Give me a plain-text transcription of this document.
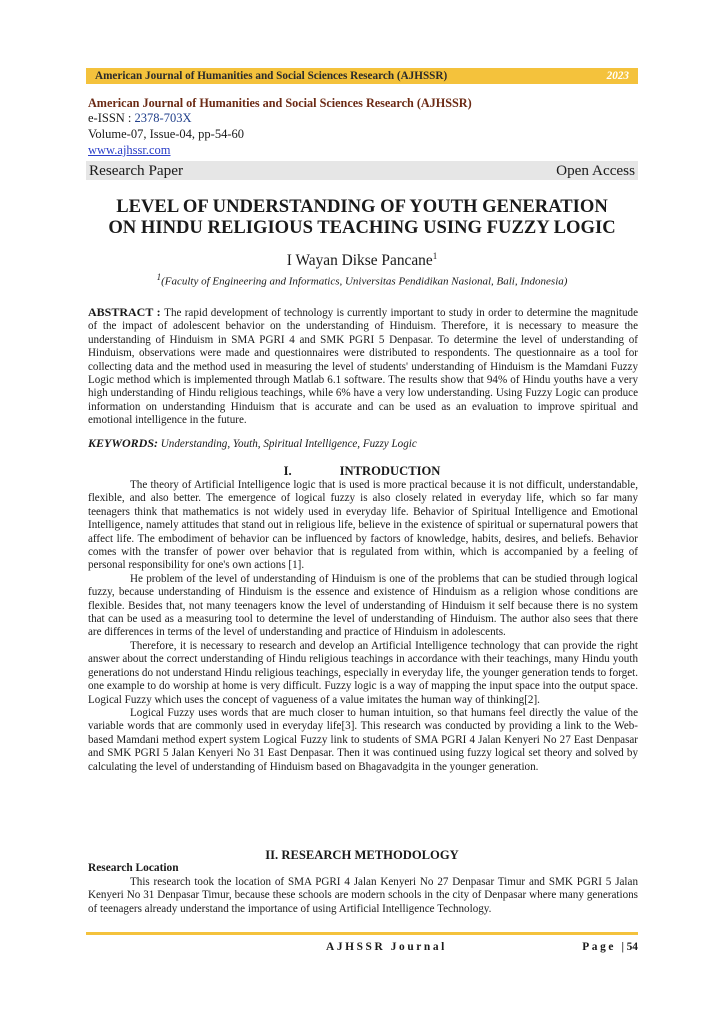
American Journal of Humanities and Social Sciences Research (AJHSSR)	2023
American Journal of Humanities and Social Sciences Research (AJHSSR)
e-ISSN : 2378-703X
Volume-07, Issue-04, pp-54-60
www.ajhssr.com
Research Paper	Open Access
LEVEL OF UNDERSTANDING OF YOUTH GENERATION
ON HINDU RELIGIOUS TEACHING USING FUZZY LOGIC
I Wayan Dikse Pancane$^1$
$^1$(Faculty of Engineering and Informatics, Universitas Pendidikan Nasional, Bali, Indonesia)

ABSTRACT : The rapid development of technology is currently important to study in order to determine the magnitude of the impact of adolescent behavior on the understanding of Hinduism. Therefore, it is necessary to measure the understanding of Hinduism in SMA PGRI 4 and SMK PGRI 5 Denpasar. To determine the level of understanding of Hinduism, observations were made and questionnaires were distributed to respondents. The questionnaire as a tool for collecting data and the method used in measuring the level of students' understanding of Hinduism is the Mamdani Fuzzy Logic method which is implemented through Matlab 6.1 software. The results show that 94% of Hindu youths have a very high understanding of Hindu religious teachings, while 6% have a very low understanding. Using Fuzzy Logic can produce information on understanding Hinduism that is accurate and can be used as an evaluation to improve spiritual and emotional intelligence in the future.

KEYWORDS: Understanding, Youth, Spiritual Intelligence, Fuzzy Logic

I.	INTRODUCTION

The theory of Artificial Intelligence logic that is used is more practical because it is not difficult, understandable, flexible, and also better. The emergence of logical fuzzy is also closely related in everyday life, which so far many teenagers think that mathematics is not widely used in everyday life. Behavior of Spiritual Intelligence and Emotional Intelligence, namely attitudes that stand out in religious life, believe in the existence of spiritual or supernatural powers that affect life. The embodiment of behavior can be influenced by factors of knowledge, habits, desires, and beliefs. Behavior comes with the transfer of power over behavior that is regulated from within, which is accompanied by a feeling of personal responsibility for one's own actions [1].

He problem of the level of understanding of Hinduism is one of the problems that can be studied through logical fuzzy, because understanding of Hinduism is the essence and existence of Hinduism as a religion whose conditions are flexible. Besides that, not many teenagers know the level of understanding of Hinduism it self because there is no system that can be used as a measuring tool to determine the level of understanding of Hinduism. The author also sees that there are differences in terms of the level of understanding and practice of Hinduism in adolescents.

Therefore, it is necessary to research and develop an Artificial Intelligence technology that can provide the right answer about the correct understanding of Hindu religious teachings in accordance with their teachings, many Hindu youth generations do not understand Hindu religious teachings, especially in everyday life, the younger generation tends to forget. one example to do worship at home is very difficult. Fuzzy logic is a way of mapping the input space into the output space. Logical Fuzzy which uses the concept of vagueness of a value imitates the human way of thinking[2].

Logical Fuzzy uses words that are much closer to human intuition, so that humans feel directly the value of the variable words that are commonly used in everyday life[3]. This research was conducted by providing a link to the Web-based Mamdani method expert system Logical Fuzzy link to students of SMA PGRI 4 Jalan Kenyeri No 27 East Denpasar and SMK PGRI 5 Jalan Kenyeri No 31 East Denpasar. Then it was continued using fuzzy logical set theory and solved by calculating the level of understanding of Hinduism based on Bhagavadgita in the younger generation.

II. RESEARCH METHODOLOGY
Research Location

This research took the location of SMA PGRI 4 Jalan Kenyeri No 27 Denpasar Timur and SMK PGRI 5 Jalan Kenyeri No 31 Denpasar Timur, because these schools are modern schools in the city of Denpasar where many generations of teenagers already understand the importance of using Artificial Intelligence Technology.

AJHSSR Journal	Page |54
